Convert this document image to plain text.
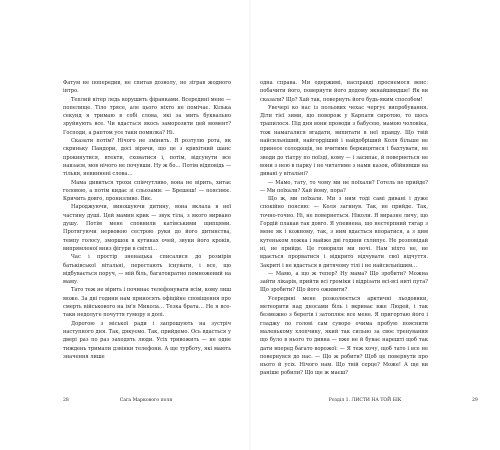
Фатум не попередив, не спитав дозволу, не зіграв жодного інтро.

Теплий вітер ледь ворушить фіранками. Всередині мене — попелище. Тіло трясе, але цього ніхто не помічає. Кілька секунд я тримаю в собі слова, які за мить буквально зруйнують все. Чи вдасться якось заморозити цей момент? Господи, а раптом усе таки помилка? Ні.

Сказати потім? Нічого не змінить. Я розтулю рота, як скриньку Пандори, досі вірячи, що це з крихітний шанс прокинутися, втекти, сховатися і, потім, відсунути все навзаєм, мов нічого не почувши. Ну ж бо… Потім відповідь — тільки, невиннені слова…

Мама дивиться трохи співчутливо, вона не вірить, хитає головою, а потім кидає зі сльозами: — Брешеш! — пояснює. Кричить довго, пронизливо. Виє.

Народжуючи, виношуючи дитину, вона вклала в неї частину душі. Цей мамин крик — звук тіла, з якого вирвано душу. Потім мене сповнили каті́вськими щипцями. Протягуючи нервовою сестрою руки до його дитинства, темпу голосу, зморшок в кутиках очей, звуки його кроків, випрямленої вниз фігури в світлі…

Час і простір зненацька списалися до розмірів батьківської вітальні, перестають існувати, і все, що відбувається поруч, — мій біль, багатократно помножений на маму.

Тато теж не вірить і починає телефонувати всім, кому лиш може. За дві години нам приносять офіційне сповіщення про смерть військового на ім'я Микола… Тезка брата… Не я все-таки недолуге почуття гумору в долі.

Дорогою з міської ради і запрошують на зустріч наступного дня. Так, дякуємо. Так, прийдемо. Ось вдасться у двері раз по раз заходять люди. Усіх тривожить — не одне тиждень тримали дзвінки телефони. А ще турботу, які мають значення лише

28	Сага Маркового поля

одна справа. Ми одержимі, насправді проснемося венс: побачити його, повернути його додому якнайшвидше! Як ви сказали? Що? Хай так, повернуть його будь-яким способом!

Увечері ко нас із польових чехас чергує випробування. Діти тієї зими, що поворож у Карпати сиротою, то щось трапилося. Під дня вони проводи з бабусею, мамою чоловіка, тож намагалися вгадати, випитати в неї правду. Що твій найсильніший, найгордіший і найдобріший Коля більше не принесе солодощів, не вчитиме беркицятися і бахтувати, не зводи до тіатру по поїзді, кому — і засипає, й повернеться не вони з нею в парку і не читатиме з нами казок, обійнявши на дивані у вітальні?

— Мамо, тату, то чому ми не поїхали? Готель не прийде? — Ми поїхали? Хай йому, пора?

Що ж, ми поїхали. Ми з ним тоді самі дивані і дуже спокійно поясню: — Коля загинув. Так, не прийде. Так, точно-точно. Ні, не повернеться. Ніколи. Я виразне личу, що Гордій плакав так довго. Я упевнена, що нестерпний тягар з мене як і кожному, так, з ним вдасться впоратися, а з цим кутеньком ложка і майже дві години схлипує. Не розповідай ні, не прийде. Це говорили ми ночі. Нам ніхто не, не вдається прорватися і відкрито відчувати свої відчуття. Закриті і не вдасться в дитячому тілі і не найсильнішим…

— Мамо, а що ж тепер? Ну мама? Що зробити? Можна зайти лікарів, прийти всі громіки і відрізати всі-всі ниті пута? Що зробити? Що його оживити?

Усередині мене розколюється арктичні льодовики, метеорити над дносами біль і вкриває вже Людей, і так безмежно з берегів і затоплює все мене. Я пригортаю його і гладжу по голові сам суворо очима пробую пояснити маленькому хлопчику, який так сильно за своє тренування що було в нього то дивна — вже не й буває нарешті щоб так дати вперед багато ворожої: — Я теж хочу, щоб тато і все не повернувся до нас. — Що ж робити? Щоб це повернути про нього й усіх. Нічого нам. Що твій серце? Може! А ще ви раніше робили? Що ще ж маєш?

Розділ 1. ЛИСТИ НА ТОЙ БІК	29
